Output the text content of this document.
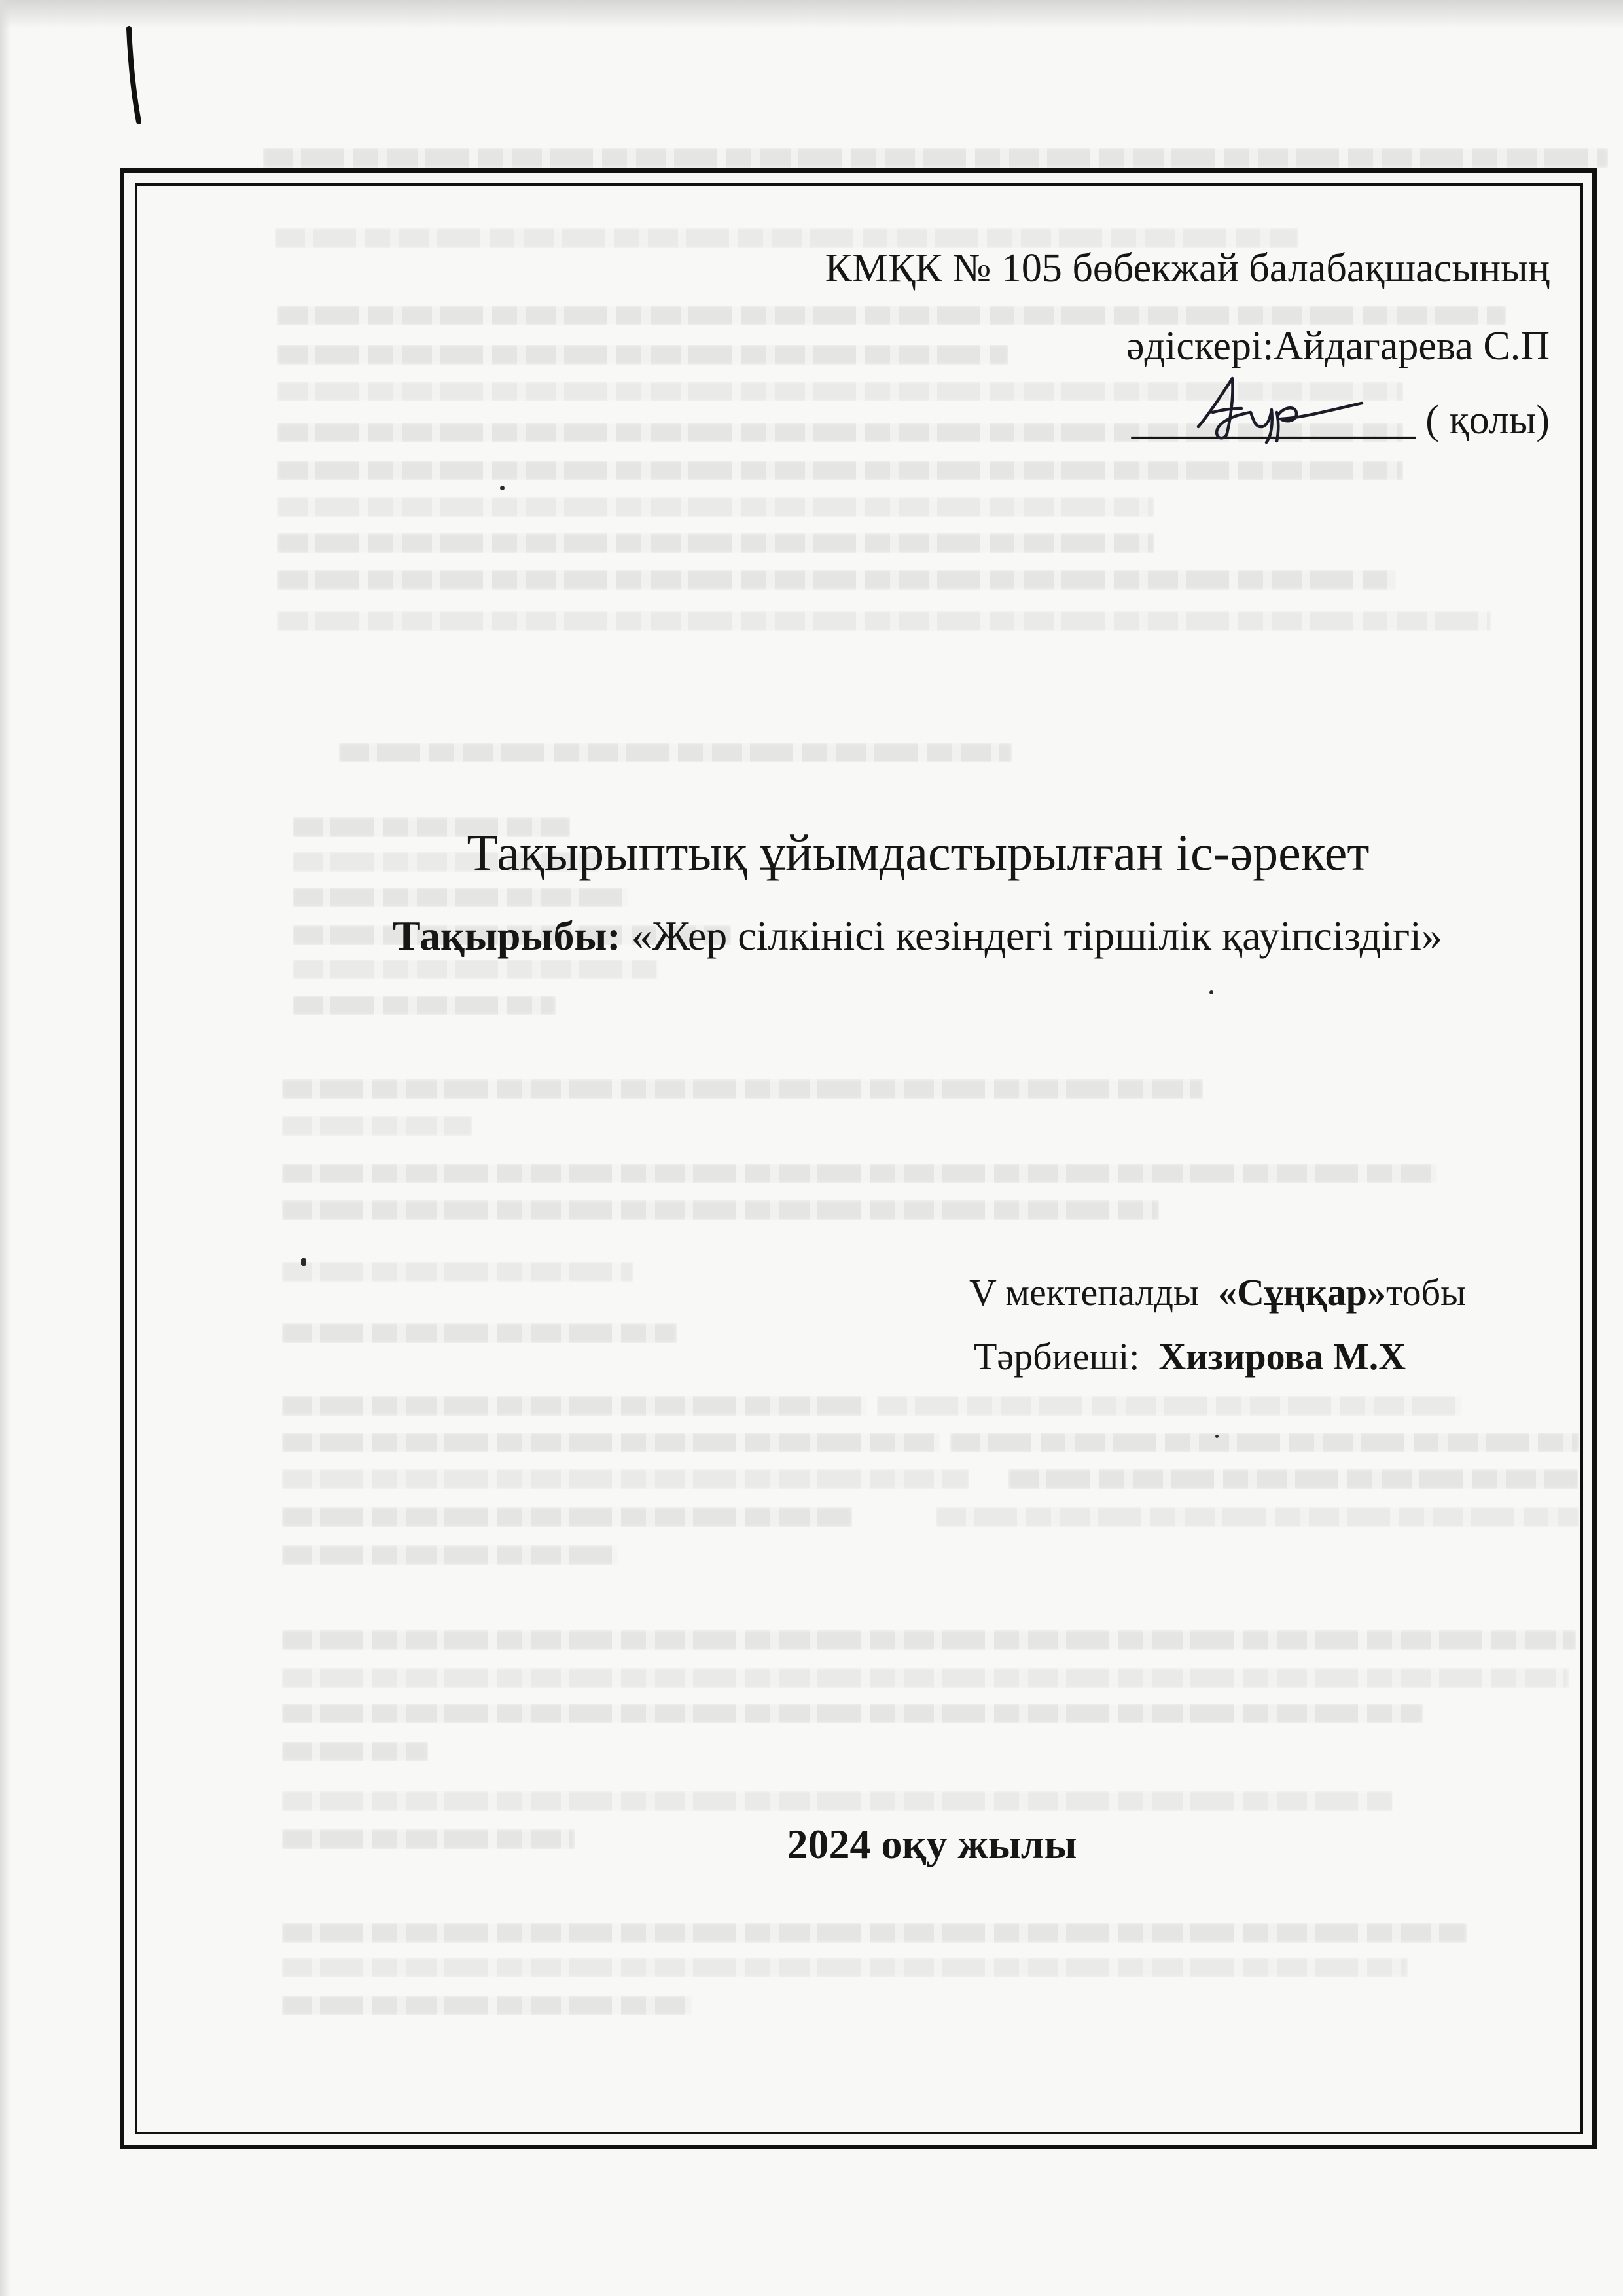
КМҚК № 105 бөбекжай балабақшасының
әдіскері:Айдагарева С.П
______________ ( қолы)
Тақырыптық ұйымдастырылған іс-әрекет
Тақырыбы: «Жер сілкінісі кезіндегі тіршілік қауіпсіздігі»
V мектепалды  «Сұңқар»тобы
Тәрбиеші:  Хизирова М.Х
2024 оқу жылы
